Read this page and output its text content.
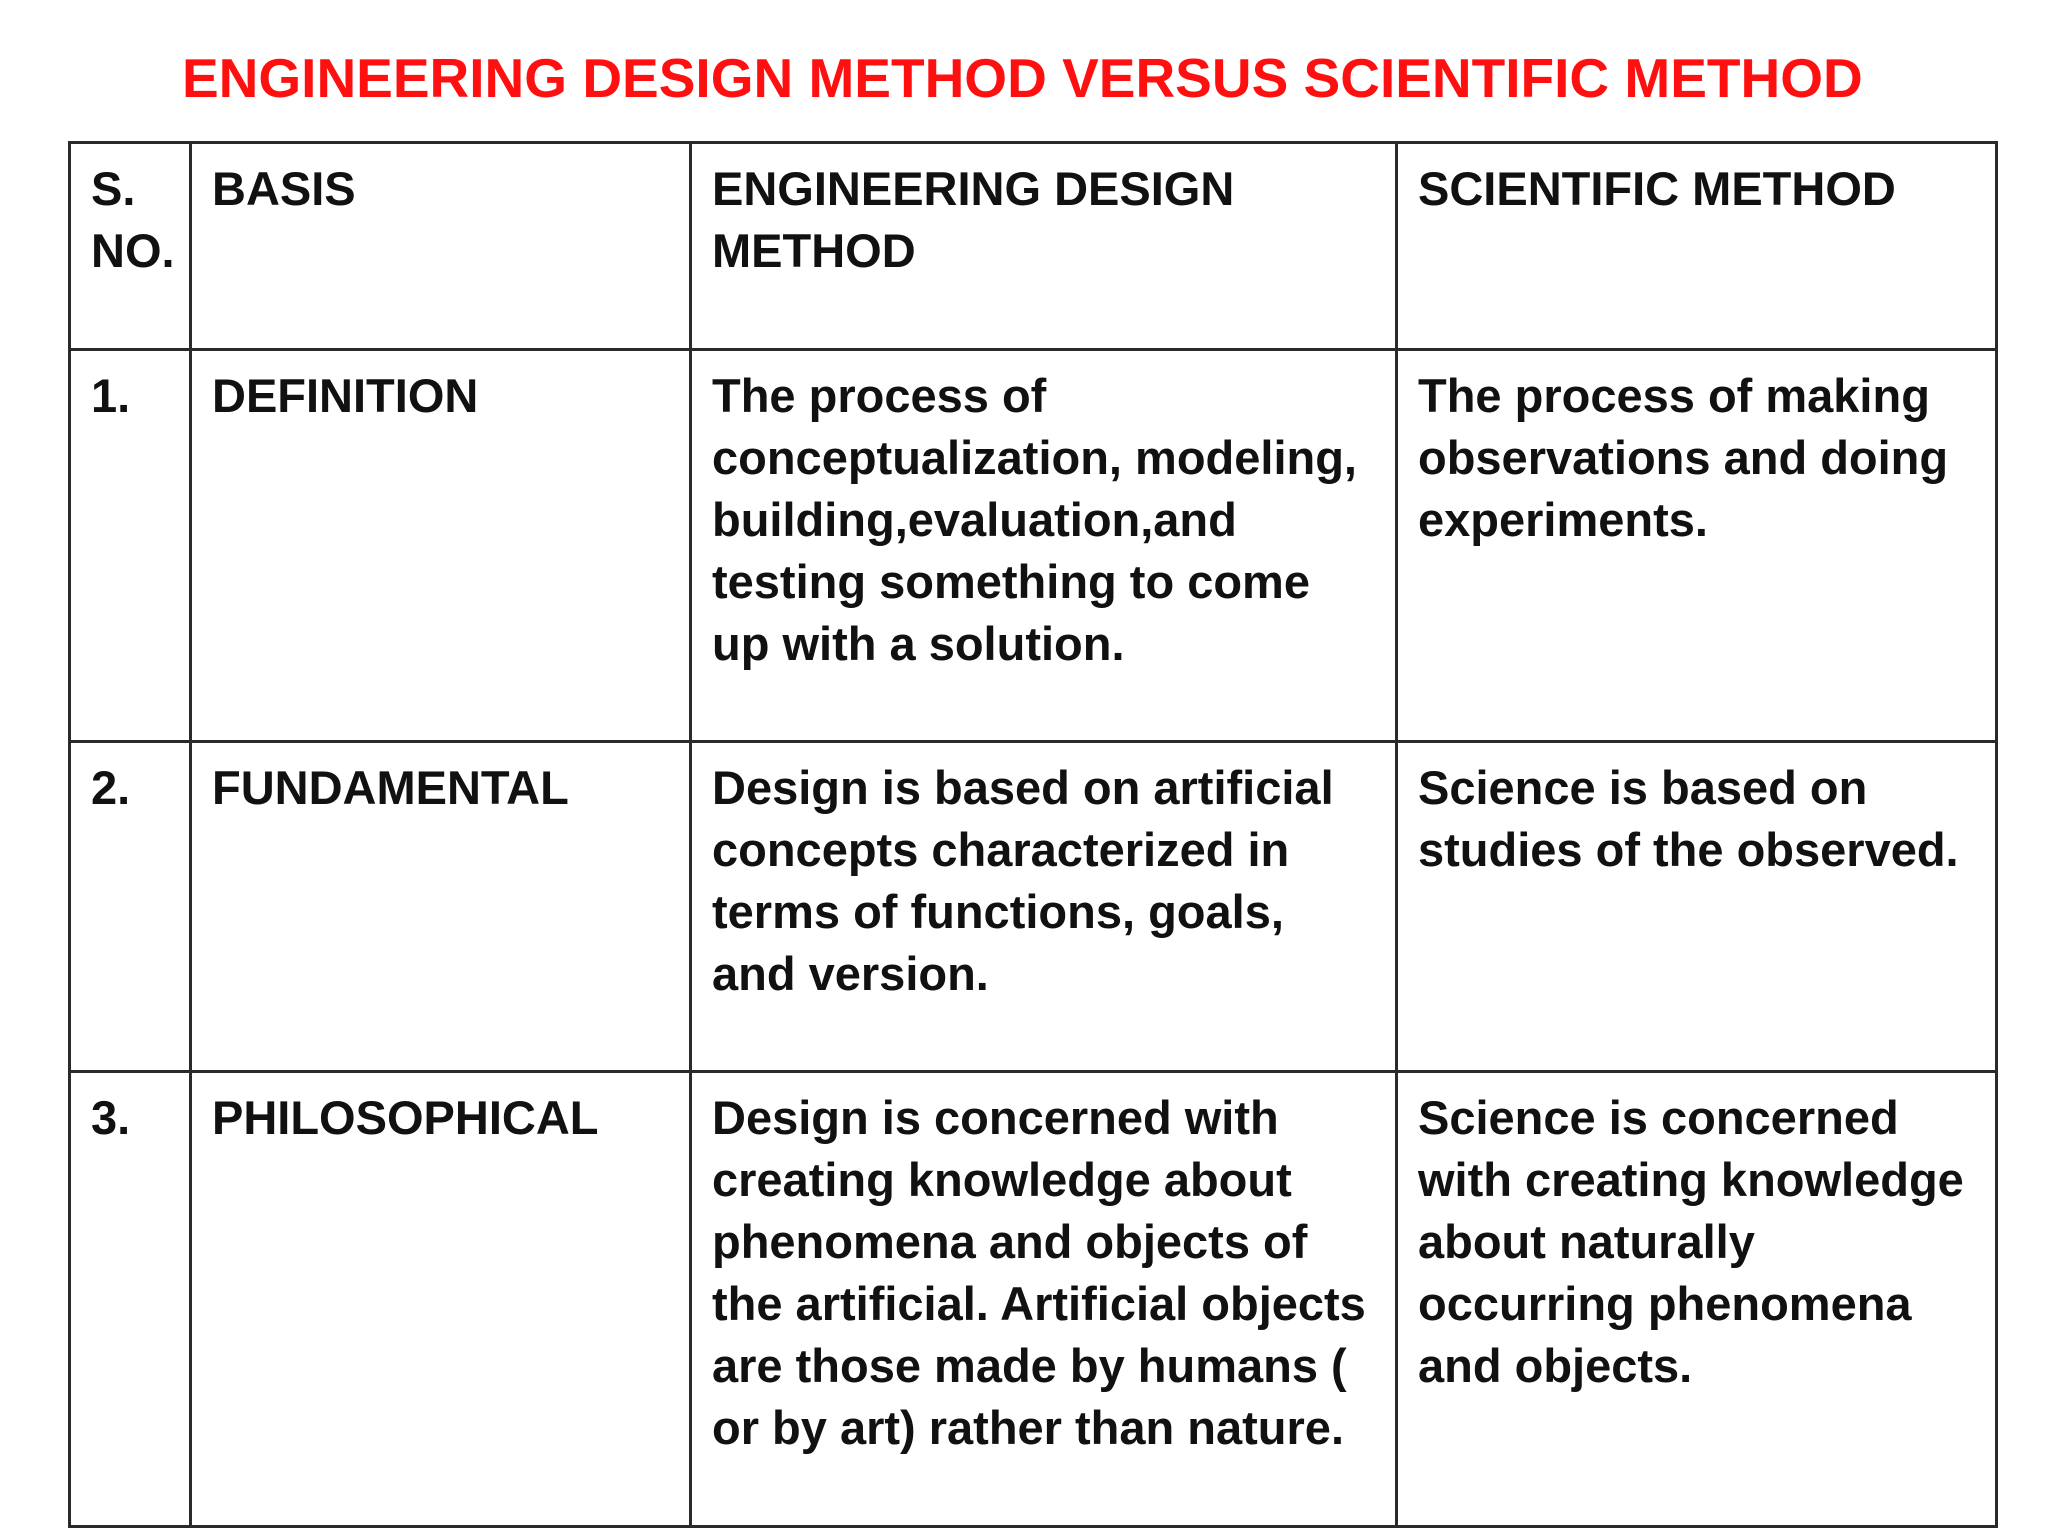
ENGINEERING DESIGN METHOD VERSUS SCIENTIFIC METHOD
S. NO.	BASIS	ENGINEERING DESIGN METHOD	SCIENTIFIC METHOD
1.	DEFINITION	The process of conceptualization, modeling, building,evaluation,and testing something to come up with a solution.	The process of making observations and doing experiments.
2.	FUNDAMENTAL	Design is based on artificial concepts characterized in terms of functions, goals, and version.	Science is based on studies of the observed.
3.	PHILOSOPHICAL	Design is concerned with creating knowledge about phenomena and objects of the artificial. Artificial objects are those made by humans ( or by art) rather than nature.	Science is concerned with creating knowledge about naturally occurring phenomena and objects.
